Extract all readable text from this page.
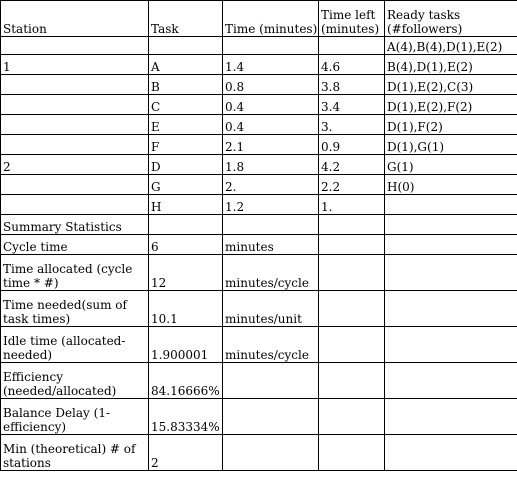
Station	Task	Time (minutes)	Time left (minutes)	Ready tasks (#followers)
				A(4),B(4),D(1),E(2)
1	A	1.4	4.6	B(4),D(1),E(2)
	B	0.8	3.8	D(1),E(2),C(3)
	C	0.4	3.4	D(1),E(2),F(2)
	E	0.4	3.	D(1),F(2)
	F	2.1	0.9	D(1),G(1)
2	D	1.8	4.2	G(1)
	G	2.	2.2	H(0)
	H	1.2	1.	
Summary Statistics				
Cycle time	6	minutes		
Time allocated (cycle time * #)	12	minutes/cycle		
Time needed(sum of task times)	10.1	minutes/unit		
Idle time (allocated-needed)	1.900001	minutes/cycle		
Efficiency (needed/allocated)	84.16666%			
Balance Delay (1-efficiency)	15.83334%			
Min (theoretical) # of stations	2			
